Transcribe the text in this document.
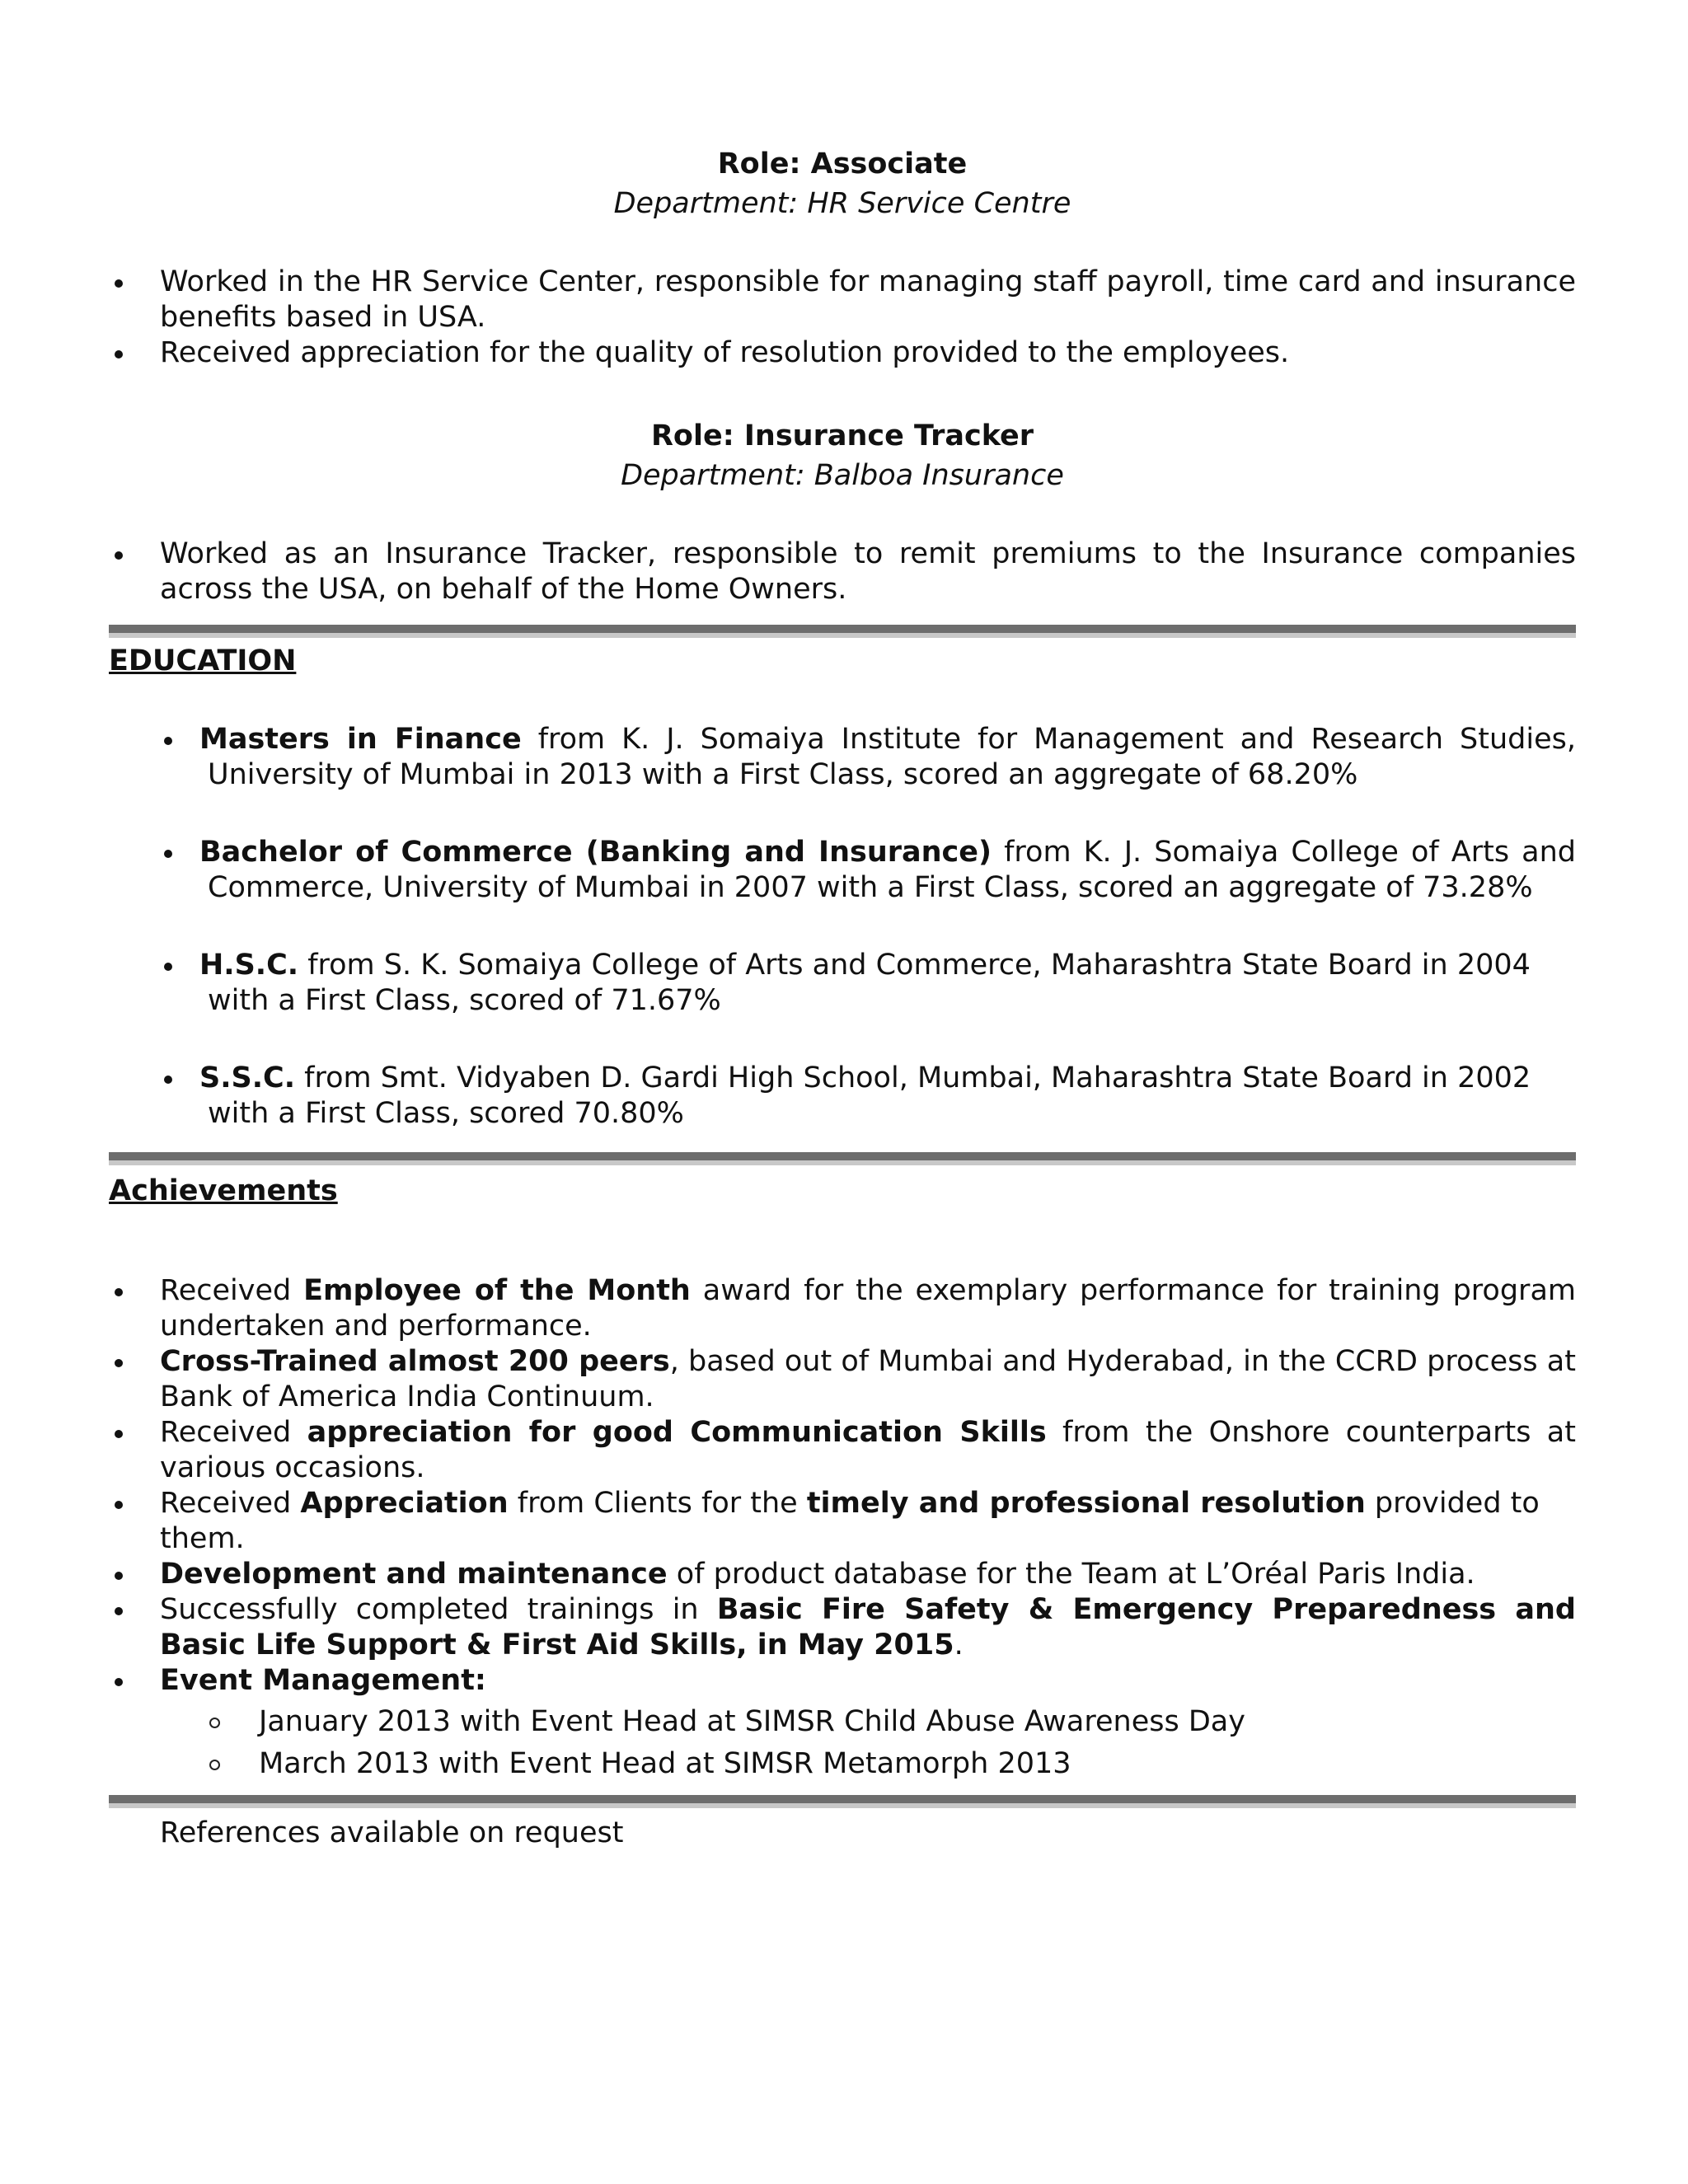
Role: Associate
Department: HR Service Centre
Worked in the HR Service Center, responsible for managing staff payroll, time card and insurance benefits based in USA.
Received appreciation for the quality of resolution provided to the employees.
Role: Insurance Tracker
Department: Balboa Insurance
Worked as an Insurance Tracker, responsible to remit premiums to the Insurance companies across the USA, on behalf of the Home Owners.
EDUCATION
Masters in Finance from K. J. Somaiya Institute for Management and Research Studies, University of Mumbai in 2013 with a First Class, scored an aggregate of 68.20%
Bachelor of Commerce (Banking and Insurance) from K. J. Somaiya College of Arts and Commerce, University of Mumbai in 2007 with a First Class, scored an aggregate of 73.28%
H.S.C. from S. K. Somaiya College of Arts and Commerce, Maharashtra State Board in 2004 with a First Class, scored of 71.67%
S.S.C. from Smt. Vidyaben D. Gardi High School, Mumbai, Maharashtra State Board in 2002 with a First Class, scored 70.80%
Achievements
Received Employee of the Month award for the exemplary performance for training program undertaken and performance.
Cross-Trained almost 200 peers, based out of Mumbai and Hyderabad, in the CCRD process at Bank of America India Continuum.
Received appreciation for good Communication Skills from the Onshore counterparts at various occasions.
Received Appreciation from Clients for the timely and professional resolution provided to them.
Development and maintenance of product database for the Team at L’Oréal Paris India.
Successfully completed trainings in Basic Fire Safety & Emergency Preparedness and Basic Life Support & First Aid Skills, in May 2015.
Event Management:
January 2013 with Event Head at SIMSR Child Abuse Awareness Day
March 2013 with Event Head at SIMSR Metamorph 2013
References available on request
